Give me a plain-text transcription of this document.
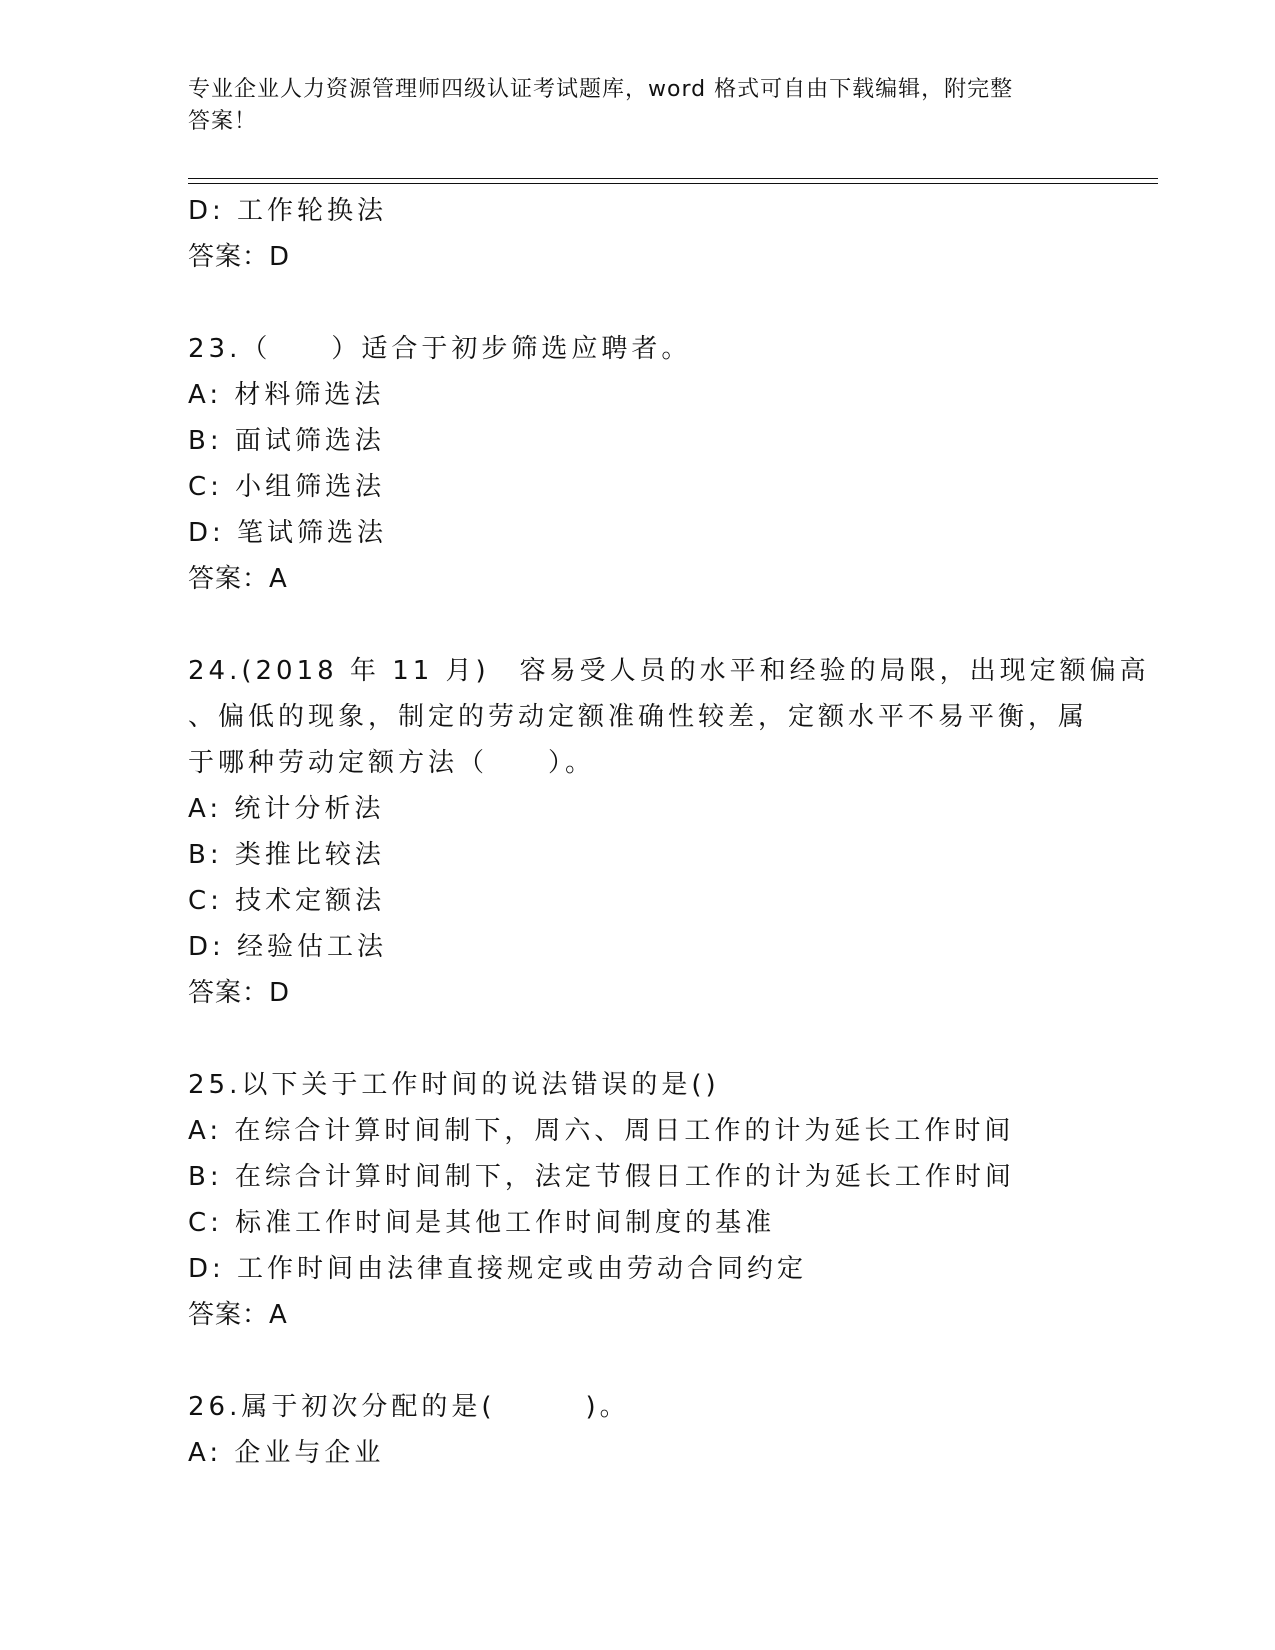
专业企业人力资源管理师四级认证考试题库，word 格式可自由下载编辑，附完整
答案！
D: 工作轮换法
答案：D
23.（　　）适合于初步筛选应聘者。
A: 材料筛选法
B: 面试筛选法
C: 小组筛选法
D: 笔试筛选法
答案：A
24.(2018 年 11 月)　容易受人员的水平和经验的局限，出现定额偏高
、偏低的现象，制定的劳动定额准确性较差，定额水平不易平衡，属
于哪种劳动定额方法（　　）。
A: 统计分析法
B: 类推比较法
C: 技术定额法
D: 经验估工法
答案：D
25.以下关于工作时间的说法错误的是()
A: 在综合计算时间制下，周六、周日工作的计为延长工作时间
B: 在综合计算时间制下，法定节假日工作的计为延长工作时间
C: 标准工作时间是其他工作时间制度的基准
D: 工作时间由法律直接规定或由劳动合同约定
答案：A
26.属于初次分配的是(　　　)。
A: 企业与企业
